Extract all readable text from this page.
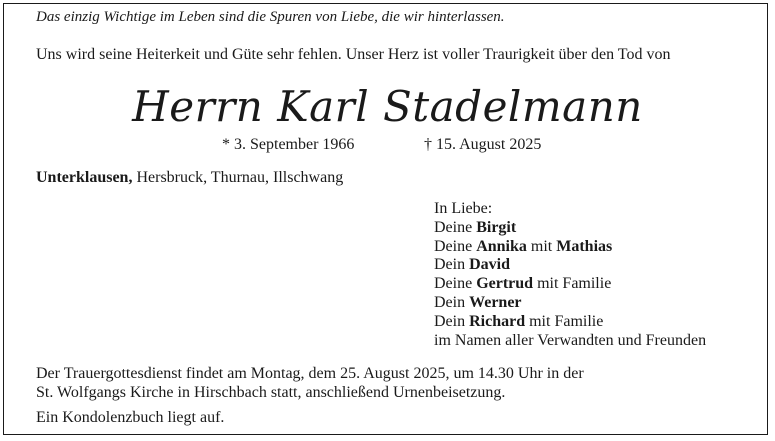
Das einzig Wichtige im Leben sind die Spuren von Liebe, die wir hinterlassen.
Uns wird seine Heiterkeit und Güte sehr fehlen. Unser Herz ist voller Traurigkeit über den Tod von
Herrn Karl Stadelmann
* 3. September 1966	† 15. August 2025
Unterklausen, Hersbruck, Thurnau, Illschwang
In Liebe:
Deine Birgit
Deine Annika mit Mathias
Dein David
Deine Gertrud mit Familie
Dein Werner
Dein Richard mit Familie
im Namen aller Verwandten und Freunden
Der Trauergottesdienst findet am Montag, dem 25. August 2025, um 14.30 Uhr in der
St. Wolfgangs Kirche in Hirschbach statt, anschließend Urnenbeisetzung.
Ein Kondolenzbuch liegt auf.
